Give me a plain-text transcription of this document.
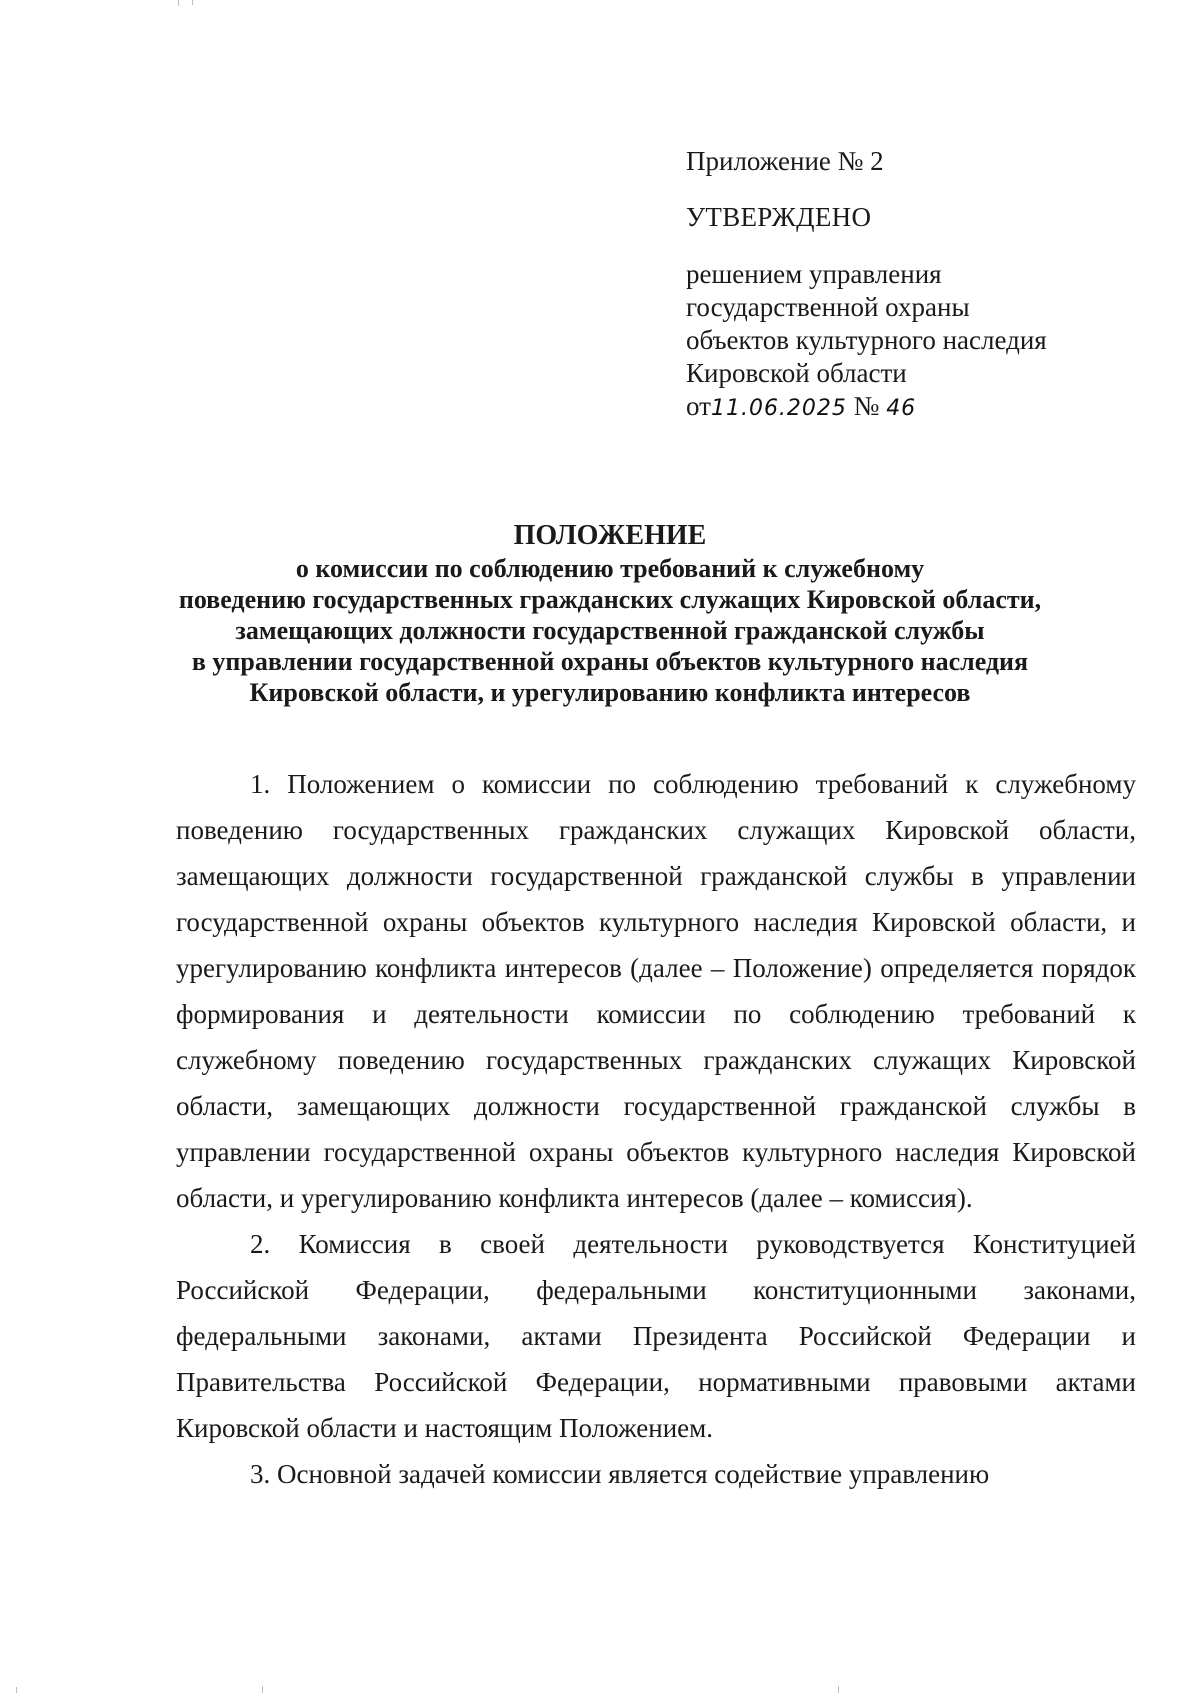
Приложение № 2
УТВЕРЖДЕНО
решением управления
государственной охраны
объектов культурного наследия
Кировской области
от11.06.2025 № 46
ПОЛОЖЕНИЕ
о комиссии по соблюдению требований к служебному
поведению государственных гражданских служащих Кировской области,
замещающих должности государственной гражданской службы
в управлении государственной охраны объектов культурного наследия
Кировской области, и урегулированию конфликта интересов

1. Положением о комиссии по соблюдению требований к служебному поведению государственных гражданских служащих Кировской области, замещающих должности государственной гражданской службы в управлении государственной охраны объектов культурного наследия Кировской области, и урегулированию конфликта интересов (далее – Положение) определяется порядок формирования и деятельности комиссии по соблюдению требований к служебному поведению государственных гражданских служащих Кировской области, замещающих должности государственной гражданской службы в управлении государственной охраны объектов культурного наследия Кировской области, и урегулированию конфликта интересов (далее – комиссия).

2. Комиссия в своей деятельности руководствуется Конституцией Российской Федерации, федеральными конституционными законами, федеральными законами, актами Президента Российской Федерации и Правительства Российской Федерации, нормативными правовыми актами Кировской области и настоящим Положением.

3. Основной задачей комиссии является содействие управлению
